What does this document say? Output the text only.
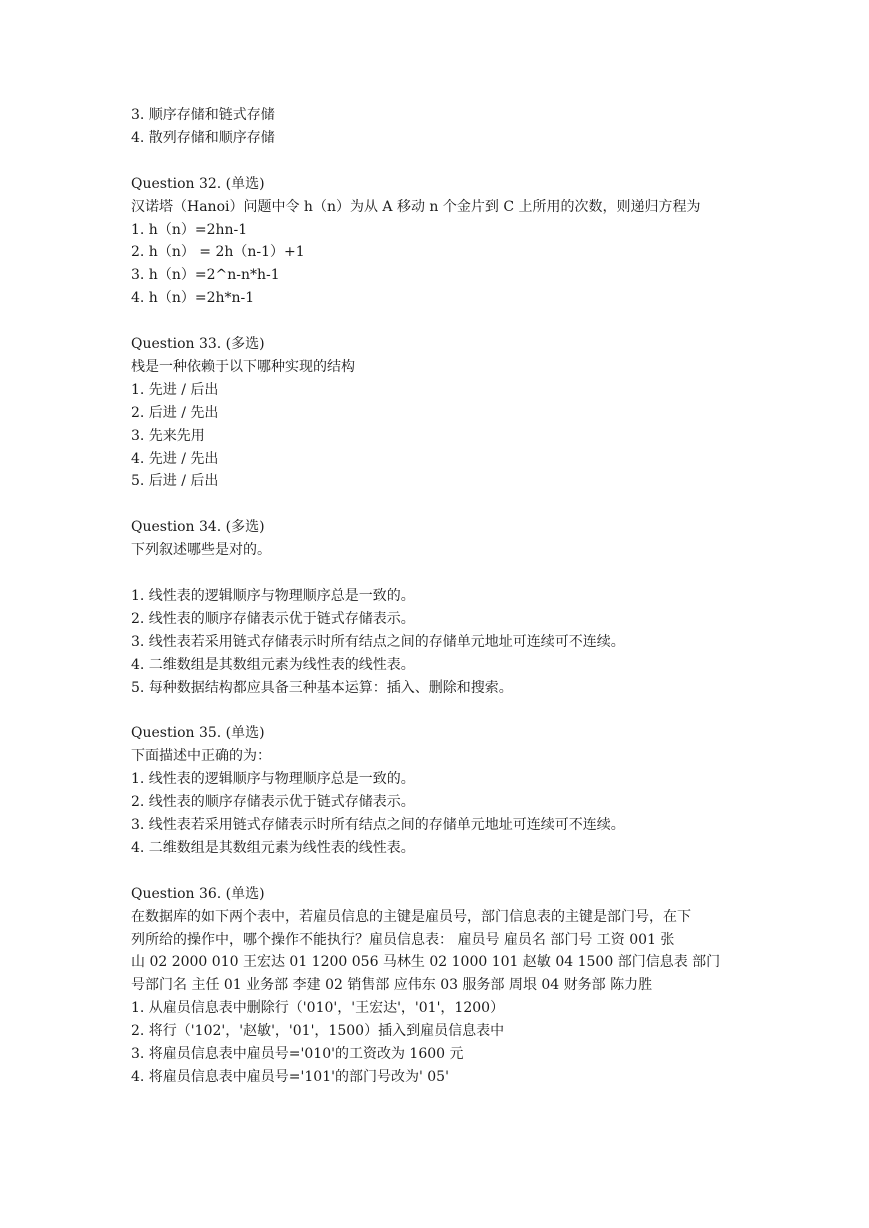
3. 顺序存储和链式存储
4. 散列存储和顺序存储
Question 32. (单选)
汉诺塔（Hanoi）问题中令 h（n）为从 A 移动 n 个金片到 C 上所用的次数，则递归方程为
1. h（n）=2hn-1
2. h（n） = 2h（n-1）+1
3. h（n）=2^n-n*h-1
4. h（n）=2h*n-1
Question 33. (多选)
栈是一种依赖于以下哪种实现的结构
1. 先进 / 后出
2. 后进 / 先出
3. 先来先用
4. 先进 / 先出
5. 后进 / 后出
Question 34. (多选)
下列叙述哪些是对的。
1. 线性表的逻辑顺序与物理顺序总是一致的。
2. 线性表的顺序存储表示优于链式存储表示。
3. 线性表若采用链式存储表示时所有结点之间的存储单元地址可连续可不连续。
4. 二维数组是其数组元素为线性表的线性表。
5. 每种数据结构都应具备三种基本运算：插入、删除和搜索。
Question 35. (单选)
下面描述中正确的为：
1. 线性表的逻辑顺序与物理顺序总是一致的。
2. 线性表的顺序存储表示优于链式存储表示。
3. 线性表若采用链式存储表示时所有结点之间的存储单元地址可连续可不连续。
4. 二维数组是其数组元素为线性表的线性表。
Question 36. (单选)
在数据库的如下两个表中，若雇员信息的主键是雇员号，部门信息表的主键是部门号，在下
列所给的操作中，哪个操作不能执行？雇员信息表： 雇员号 雇员名 部门号 工资 001 张
山 02 2000 010 王宏达 01 1200 056 马林生 02 1000 101 赵敏 04 1500 部门信息表 部门
号部门名 主任 01 业务部 李建 02 销售部 应伟东 03 服务部 周垠 04 财务部 陈力胜
1. 从雇员信息表中删除行（'010'，'王宏达'，'01'，1200）
2. 将行（'102'，'赵敏'，'01'，1500）插入到雇员信息表中
3. 将雇员信息表中雇员号='010'的工资改为 1600 元
4. 将雇员信息表中雇员号='101'的部门号改为' 05'
